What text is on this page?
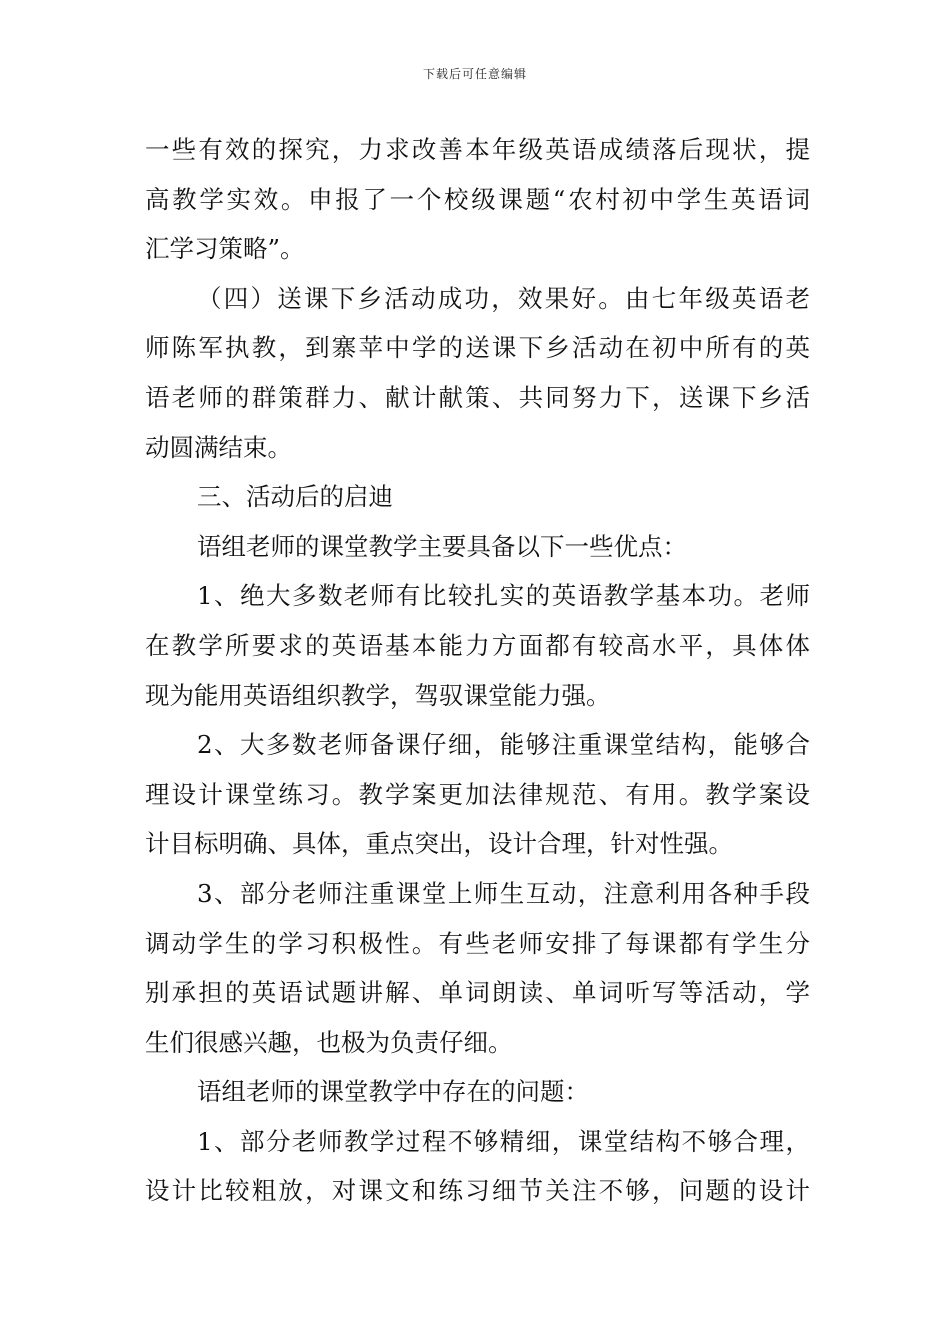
下载后可任意编辑
一些有效的探究，力求改善本年级英语成绩落后现状，提
高教学实效。申报了一个校级课题“农村初中学生英语词
汇学习策略”。
（四）送课下乡活动成功，效果好。由七年级英语老
师陈军执教，到寨苹中学的送课下乡活动在初中所有的英
语老师的群策群力、献计献策、共同努力下，送课下乡活
动圆满结束。
三、活动后的启迪
语组老师的课堂教学主要具备以下一些优点：
1、绝大多数老师有比较扎实的英语教学基本功。老师
在教学所要求的英语基本能力方面都有较高水平，具体体
现为能用英语组织教学，驾驭课堂能力强。
2、大多数老师备课仔细，能够注重课堂结构，能够合
理设计课堂练习。教学案更加法律规范、有用。教学案设
计目标明确、具体，重点突出，设计合理，针对性强。
3、部分老师注重课堂上师生互动，注意利用各种手段
调动学生的学习积极性。有些老师安排了每课都有学生分
别承担的英语试题讲解、单词朗读、单词听写等活动，学
生们很感兴趣，也极为负责仔细。
语组老师的课堂教学中存在的问题：
1、部分老师教学过程不够精细，课堂结构不够合理，
设计比较粗放，对课文和练习细节关注不够，问题的设计
